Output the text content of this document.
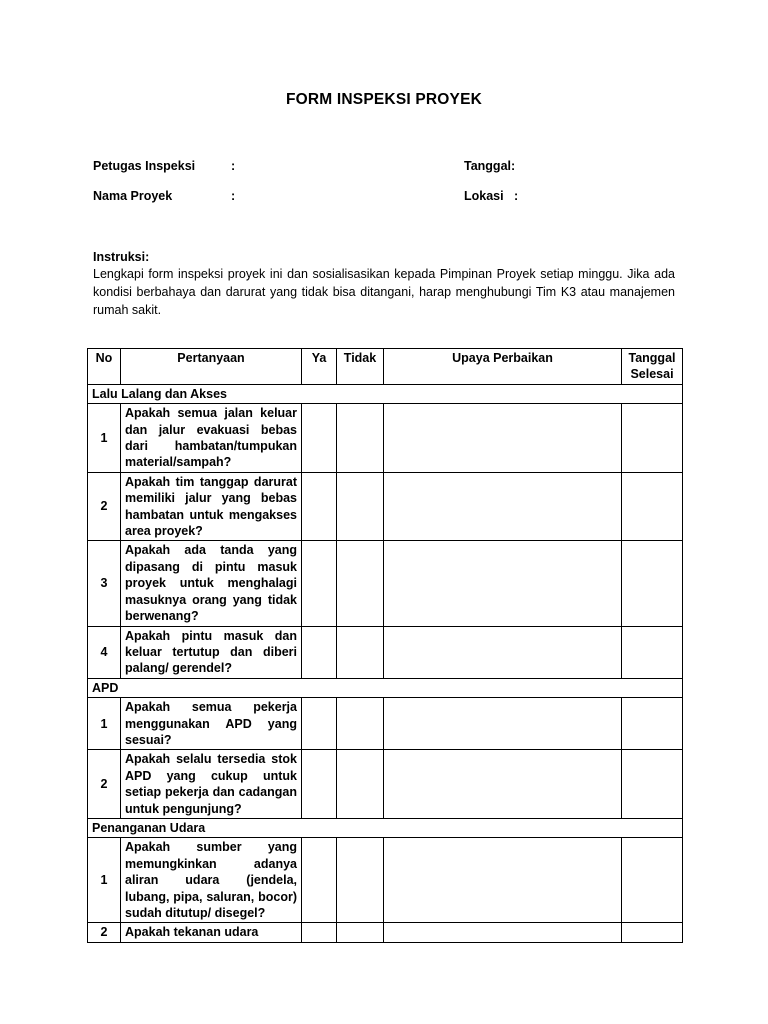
FORM INSPEKSI PROYEK
Petugas Inspeksi	:	Tanggal:
Nama Proyek	:	Lokasi   :
Instruksi:
Lengkapi form inspeksi proyek ini dan sosialisasikan kepada Pimpinan Proyek setiap minggu. Jika ada kondisi berbahaya dan darurat yang tidak bisa ditangani, harap menghubungi Tim K3 atau manajemen rumah sakit.
No	Pertanyaan	Ya	Tidak	Upaya Perbaikan	Tanggal Selesai
Lalu Lalang dan Akses					
1	Apakah semua jalan keluar dan jalur evakuasi bebas dari hambatan/tumpukan material/sampah?				
2	Apakah tim tanggap darurat memiliki jalur yang bebas hambatan untuk mengakses area proyek?				
3	Apakah ada tanda yang dipasang di pintu masuk proyek untuk menghalagi masuknya orang yang tidak berwenang?				
4	Apakah pintu masuk dan keluar tertutup dan diberi palang/ gerendel?				
APD					
1	Apakah semua pekerja menggunakan APD yang sesuai?				
2	Apakah selalu tersedia stok APD yang cukup untuk setiap pekerja dan cadangan untuk pengunjung?				
Penanganan Udara					
1	Apakah sumber yang memungkinkan adanya aliran udara (jendela, lubang, pipa, saluran, bocor) sudah ditutup/ disegel?				
2	Apakah tekanan udara				
